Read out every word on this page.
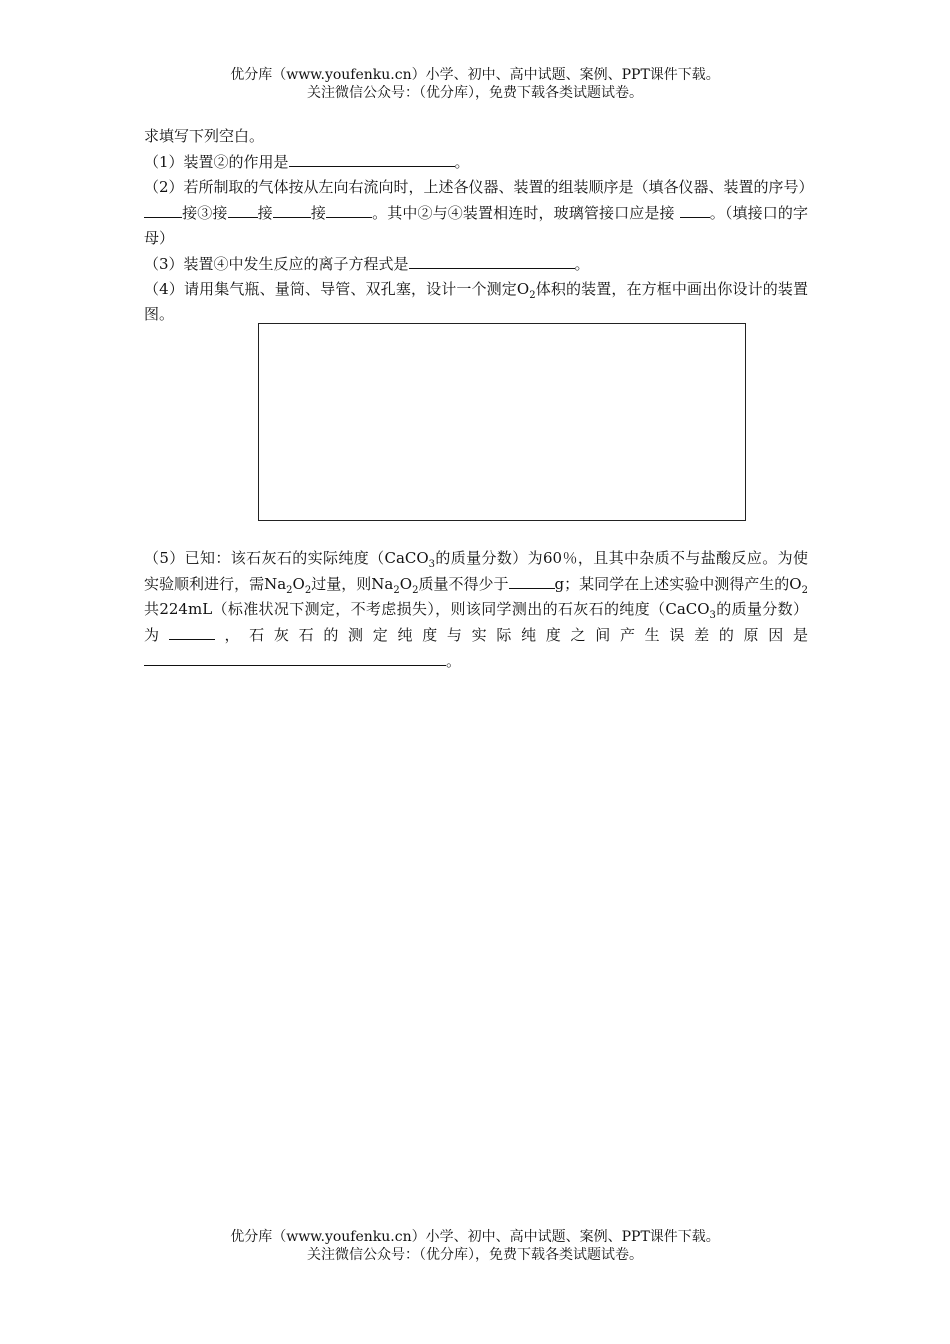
优分库（www.youfenku.cn）小学、初中、高中试题、案例、PPT课件下载。
关注微信公众号：（优分库），免费下载各类试题试卷。

求填写下列空白。

（1）装置②的作用是	。

（2）若所制取的气体按从左向右流向时，上述各仪器、装置的组装顺序是（填各仪器、装置的序号）接③接 接	接	。其中②与④装置相连时，玻璃管接口应是接 。（填接口的字母）

（3）装置④中发生反应的离子方程式是	。

（4）请用集气瓶、量筒、导管、双孔塞，设计一个测定$O_2$体积的装置，在方框中画出你设计的装置图。

（5）已知：该石灰石的实际纯度（CaCO$_3$的质量分数）为60％，且其中杂质不与盐酸反应。为使实验顺利进行，需$Na_2O_2$过量，则$Na_2O_2$质量不得少于	g；某同学在上述实验中测得产生的$O_2$共224mL（标准状况下测定，不考虑损失），则该同学测出的石灰石的纯度（CaCO$_3$的质量分数）为	，石灰石的测定纯度与实际纯度之间产生误差的原因是。

优分库（www.youfenku.cn）小学、初中、高中试题、案例、PPT课件下载。
关注微信公众号：（优分库），免费下载各类试题试卷。
